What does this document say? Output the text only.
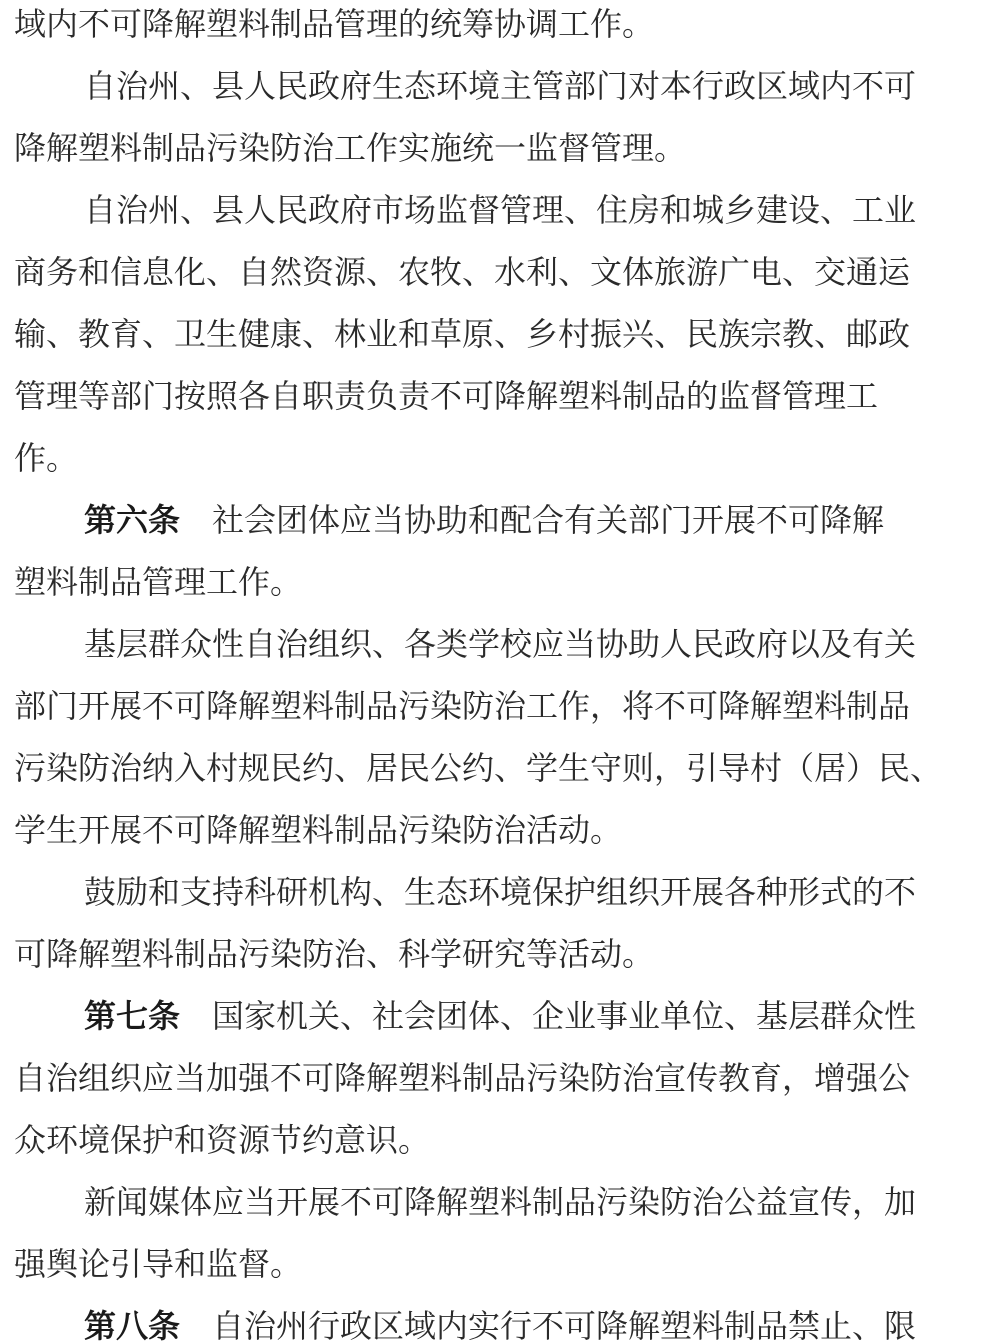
域内不可降解塑料制品管理的统筹协调工作。
自治州、县人民政府生态环境主管部门对本行政区域内不可
降解塑料制品污染防治工作实施统一监督管理。
自治州、县人民政府市场监督管理、住房和城乡建设、工业
商务和信息化、自然资源、农牧、水利、文体旅游广电、交通运
输、教育、卫生健康、林业和草原、乡村振兴、民族宗教、邮政
管理等部门按照各自职责负责不可降解塑料制品的监督管理工
作。
第六条 社会团体应当协助和配合有关部门开展不可降解
塑料制品管理工作。
基层群众性自治组织、各类学校应当协助人民政府以及有关
部门开展不可降解塑料制品污染防治工作，将不可降解塑料制品
污染防治纳入村规民约、居民公约、学生守则，引导村（居）民、
学生开展不可降解塑料制品污染防治活动。
鼓励和支持科研机构、生态环境保护组织开展各种形式的不
可降解塑料制品污染防治、科学研究等活动。
第七条 国家机关、社会团体、企业事业单位、基层群众性
自治组织应当加强不可降解塑料制品污染防治宣传教育，增强公
众环境保护和资源节约意识。
新闻媒体应当开展不可降解塑料制品污染防治公益宣传，加
强舆论引导和监督。
第八条 自治州行政区域内实行不可降解塑料制品禁止、限
